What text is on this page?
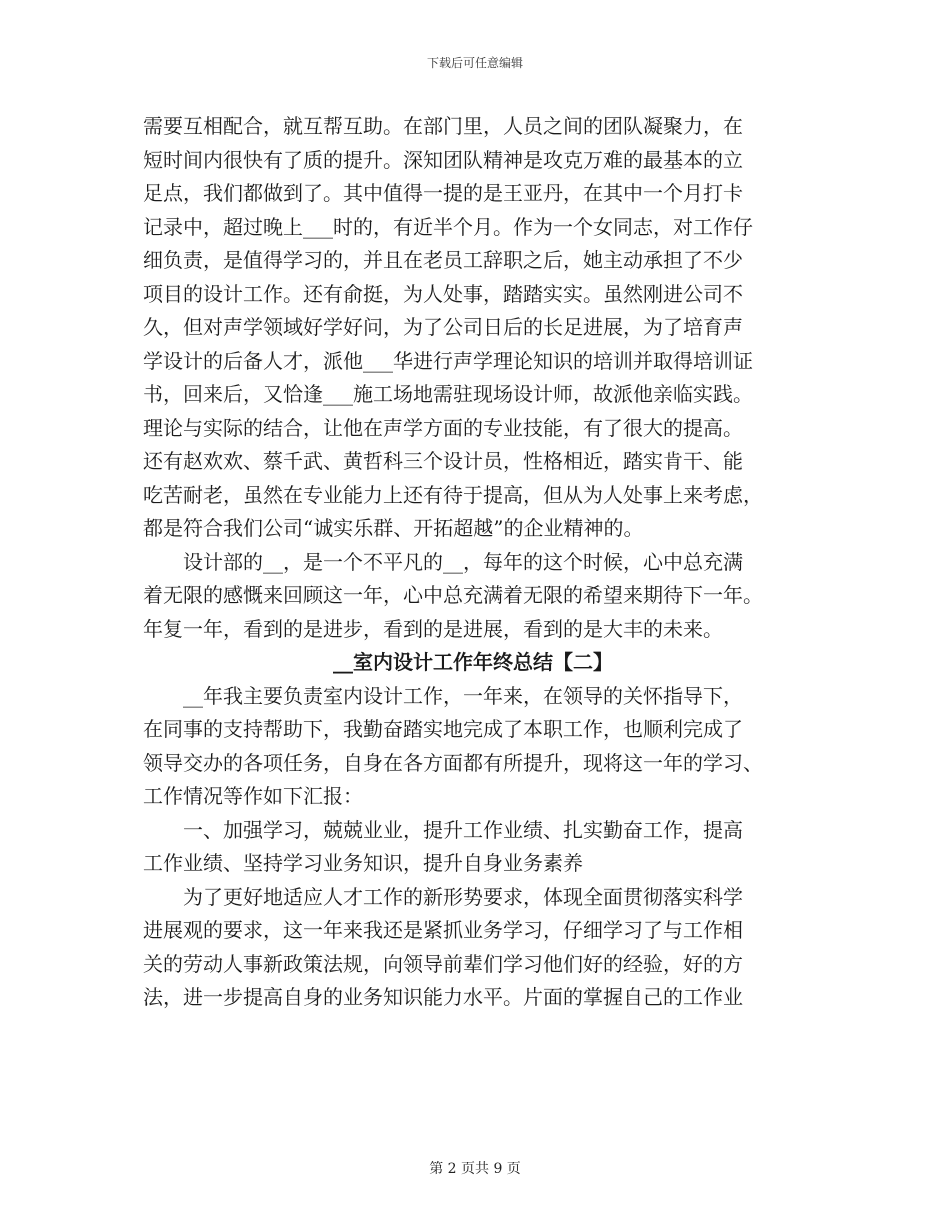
下载后可任意编辑
需要互相配合，就互帮互助。在部门里，人员之间的团队凝聚力，在
短时间内很快有了质的提升。深知团队精神是攻克万难的最基本的立
足点，我们都做到了。其中值得一提的是王亚丹，在其中一个月打卡
记录中，超过晚上___时的，有近半个月。作为一个女同志，对工作仔
细负责，是值得学习的，并且在老员工辞职之后，她主动承担了不少
项目的设计工作。还有俞挺，为人处事，踏踏实实。虽然刚进公司不
久，但对声学领域好学好问，为了公司日后的长足进展，为了培育声
学设计的后备人才，派他___华进行声学理论知识的培训并取得培训证
书，回来后，又恰逢___施工场地需驻现场设计师，故派他亲临实践。
理论与实际的结合，让他在声学方面的专业技能，有了很大的提高。
还有赵欢欢、蔡千武、黄哲科三个设计员，性格相近，踏实肯干、能
吃苦耐老，虽然在专业能力上还有待于提高，但从为人处事上来考虑，
都是符合我们公司“诚实乐群、开拓超越”的企业精神的。
设计部的__，是一个不平凡的__，每年的这个时候，心中总充满
着无限的感慨来回顾这一年，心中总充满着无限的希望来期待下一年。
年复一年，看到的是进步，看到的是进展，看到的是大丰的未来。
__室内设计工作年终总结【二】
__年我主要负责室内设计工作，一年来，在领导的关怀指导下，
在同事的支持帮助下，我勤奋踏实地完成了本职工作，也顺利完成了
领导交办的各项任务，自身在各方面都有所提升，现将这一年的学习、
工作情况等作如下汇报：
一、加强学习，兢兢业业，提升工作业绩、扎实勤奋工作，提高
工作业绩、坚持学习业务知识，提升自身业务素养
为了更好地适应人才工作的新形势要求，体现全面贯彻落实科学
进展观的要求，这一年来我还是紧抓业务学习，仔细学习了与工作相
关的劳动人事新政策法规，向领导前辈们学习他们好的经验，好的方
法，进一步提高自身的业务知识能力水平。片面的掌握自己的工作业
第 2 页共 9 页
